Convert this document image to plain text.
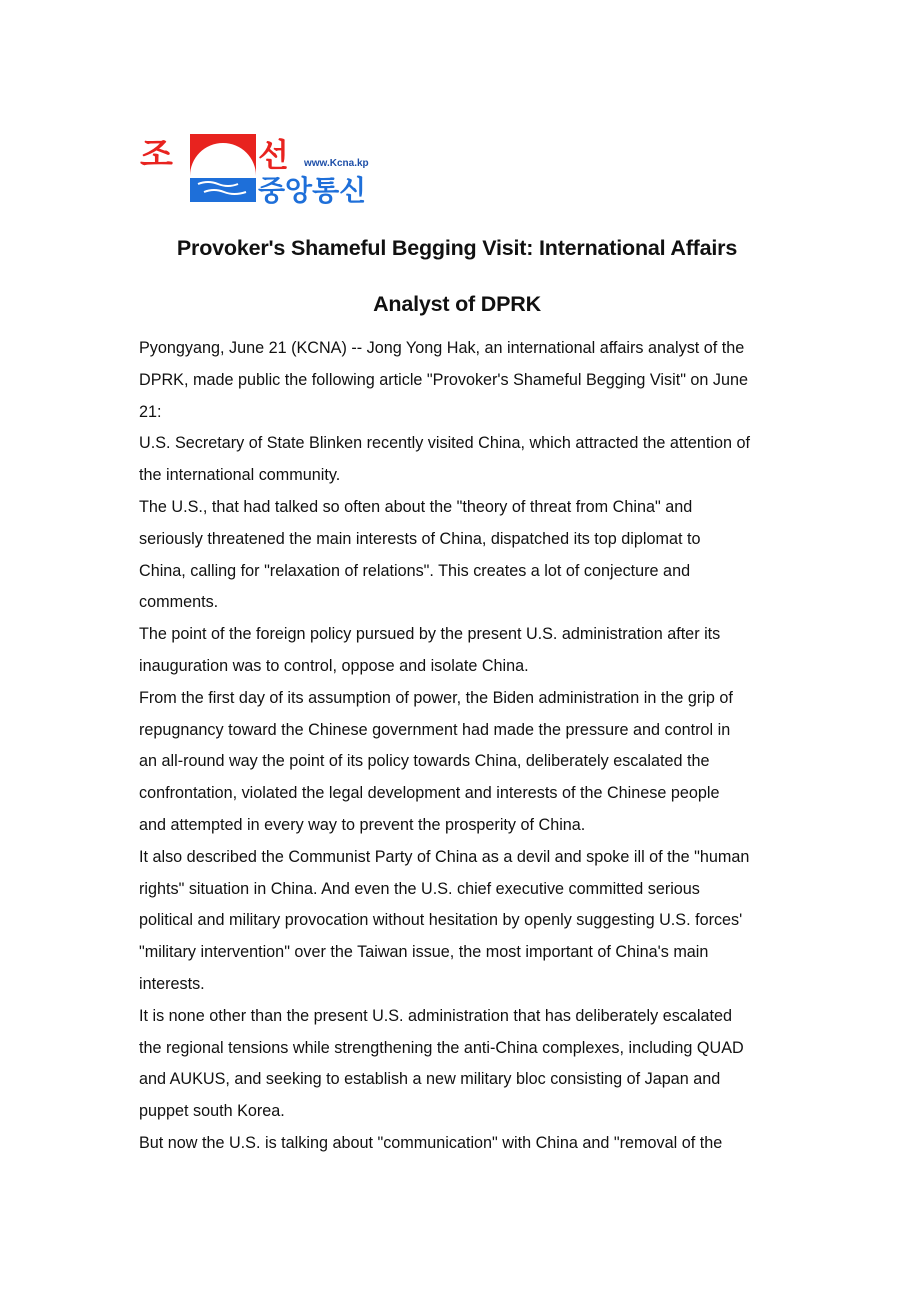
조	선 www.Kcna.kp
중앙통신
Provoker's Shameful Begging Visit: International Affairs
Analyst of DPRK
Pyongyang, June 21 (KCNA) -- Jong Yong Hak, an international affairs analyst of the
DPRK, made public the following article "Provoker's Shameful Begging Visit" on June
21:
U.S. Secretary of State Blinken recently visited China, which attracted the attention of
the international community.
The U.S., that had talked so often about the "theory of threat from China" and
seriously threatened the main interests of China, dispatched its top diplomat to
China, calling for "relaxation of relations". This creates a lot of conjecture and
comments.
The point of the foreign policy pursued by the present U.S. administration after its
inauguration was to control, oppose and isolate China.
From the first day of its assumption of power, the Biden administration in the grip of
repugnancy toward the Chinese government had made the pressure and control in
an all-round way the point of its policy towards China, deliberately escalated the
confrontation, violated the legal development and interests of the Chinese people
and attempted in every way to prevent the prosperity of China.
It also described the Communist Party of China as a devil and spoke ill of the "human
rights" situation in China. And even the U.S. chief executive committed serious
political and military provocation without hesitation by openly suggesting U.S. forces'
"military intervention" over the Taiwan issue, the most important of China's main
interests.
It is none other than the present U.S. administration that has deliberately escalated
the regional tensions while strengthening the anti-China complexes, including QUAD
and AUKUS, and seeking to establish a new military bloc consisting of Japan and
puppet south Korea.
But now the U.S. is talking about "communication" with China and "removal of the
